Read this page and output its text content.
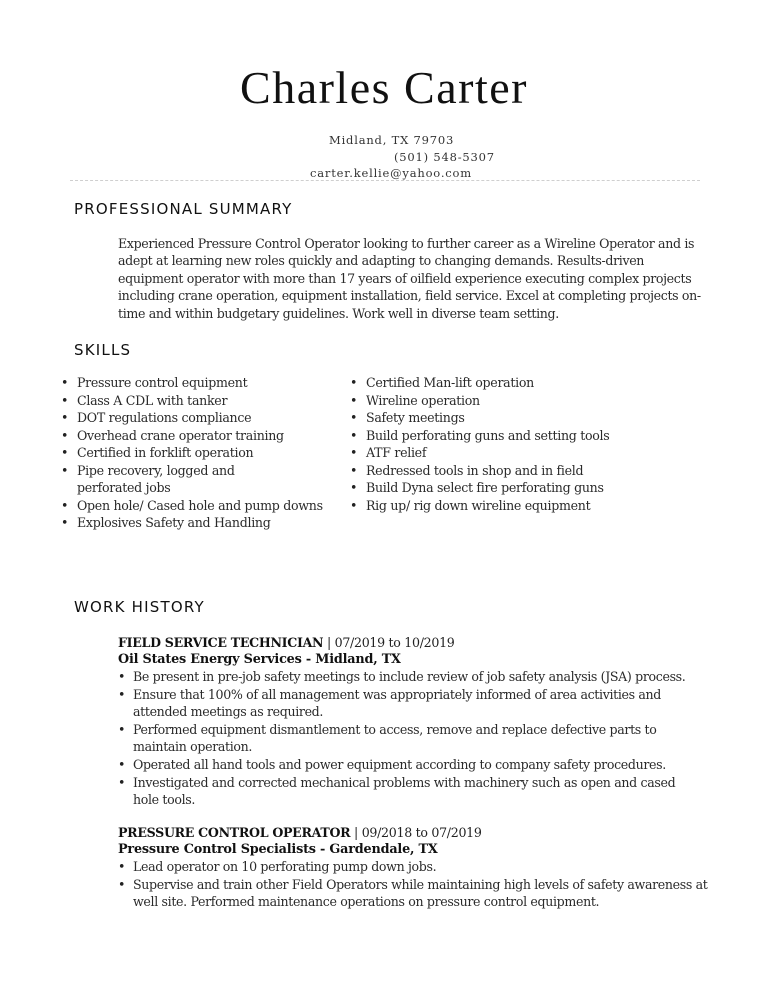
Charles Carter
Midland, TX 79703
(501) 548-5307
carter.kellie@yahoo.com
PROFESSIONAL SUMMARY
Experienced Pressure Control Operator looking to further career as a Wireline Operator and is adept at learning new roles quickly and adapting to changing demands. Results-driven equipment operator with more than 17 years of oilfield experience executing complex projects including crane operation, equipment installation, field service. Excel at completing projects on-time and within budgetary guidelines. Work well in diverse team setting.
SKILLS
• Pressure control equipment
• Class A CDL with tanker
• DOT regulations compliance
• Overhead crane operator training
• Certified in forklift operation
• Pipe recovery, logged and perforated jobs
• Open hole/ Cased hole and pump downs
• Explosives Safety and Handling
• Certified Man-lift operation
• Wireline operation
• Safety meetings
• Build perforating guns and setting tools
• ATF relief
• Redressed tools in shop and in field
• Build Dyna select fire perforating guns
• Rig up/ rig down wireline equipment
WORK HISTORY
FIELD SERVICE TECHNICIAN | 07/2019 to 10/2019
Oil States Energy Services - Midland, TX
• Be present in pre-job safety meetings to include review of job safety analysis (JSA) process.
• Ensure that 100% of all management was appropriately informed of area activities and attended meetings as required.
• Performed equipment dismantlement to access, remove and replace defective parts to maintain operation.
• Operated all hand tools and power equipment according to company safety procedures.
• Investigated and corrected mechanical problems with machinery such as open and cased hole tools.
PRESSURE CONTROL OPERATOR | 09/2018 to 07/2019
Pressure Control Specialists - Gardendale, TX
• Lead operator on 10 perforating pump down jobs.
• Supervise and train other Field Operators while maintaining high levels of safety awareness at well site. Performed maintenance operations on pressure control equipment.
